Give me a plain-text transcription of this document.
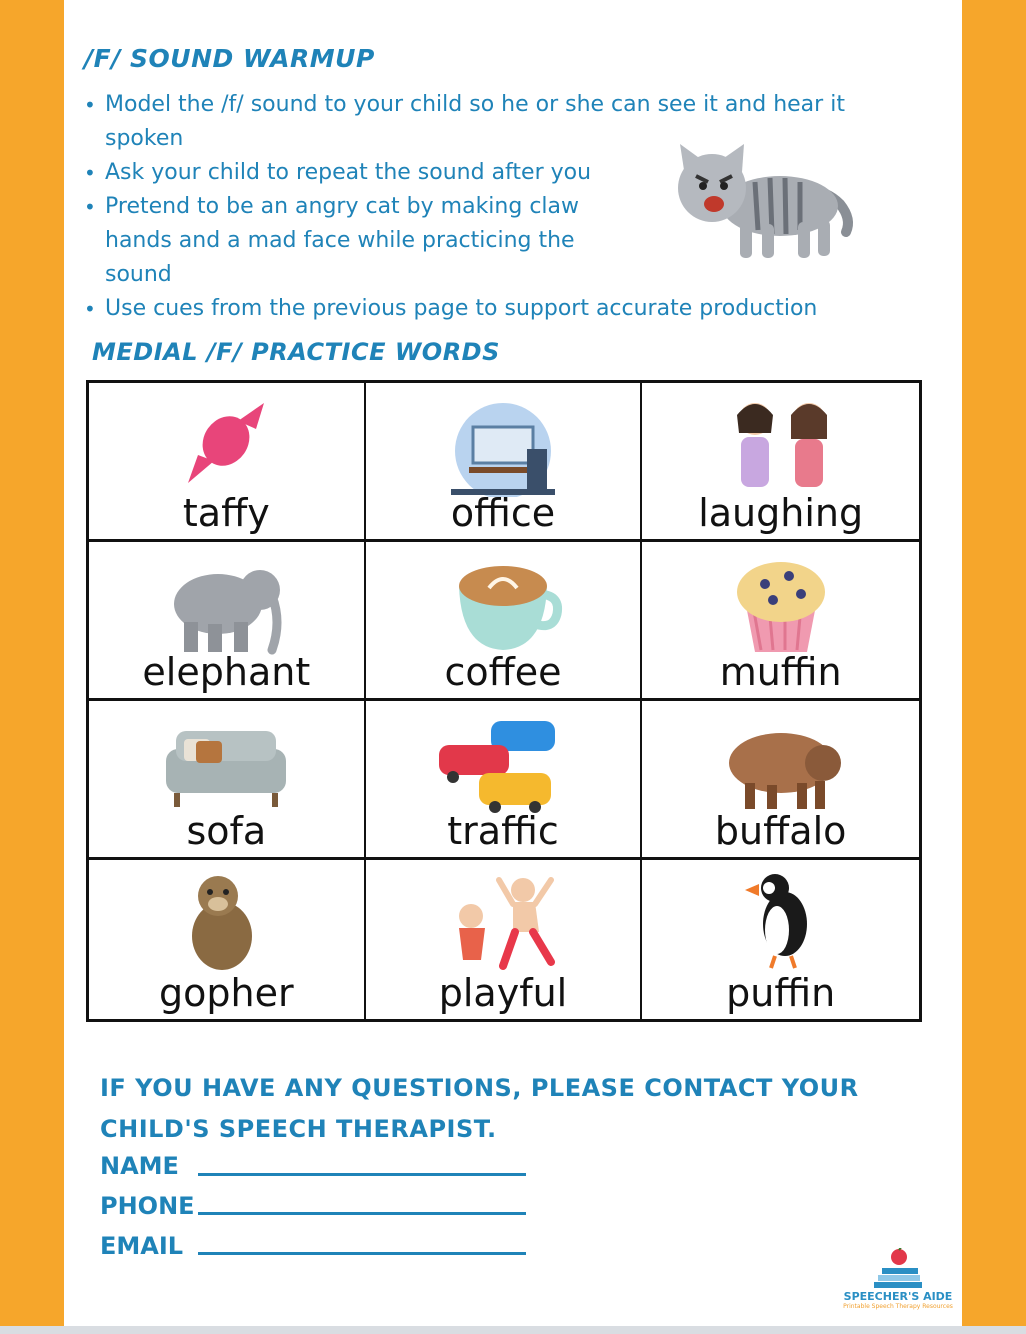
/F/ SOUND WARMUP
• Model the /f/ sound to your child so he or she can see it and hear it spoken
• Ask your child to repeat the sound after you
• Pretend to be an angry cat by making claw hands and a mad face while practicing the sound
• Use cues from the previous page to support accurate production
MEDIAL /F/ PRACTICE WORDS
taffy	office	laughing
elephant	coffee	muffin
sofa	traffic	buffalo
gopher	playful	puffin

IF YOU HAVE ANY QUESTIONS, PLEASE CONTACT YOUR CHILD'S SPEECH THERAPIST.

NAME
PHONE
EMAIL
SPEECHER'S AIDE
Printable Speech Therapy Resources
